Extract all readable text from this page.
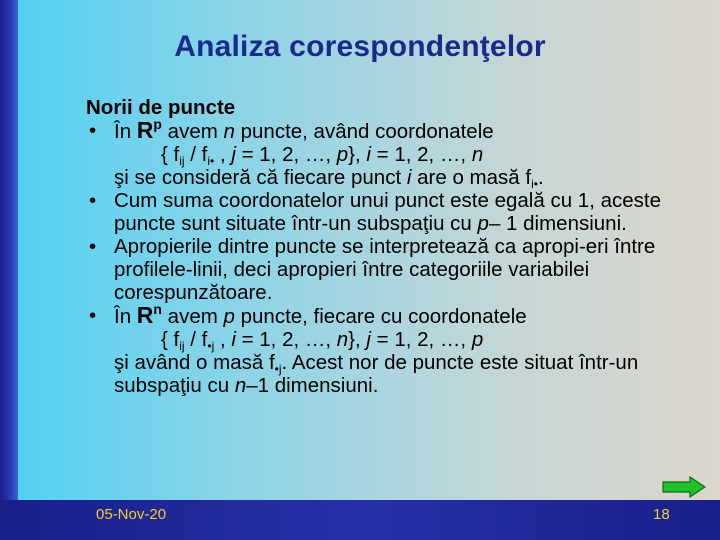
Analiza corespondenţelor
Norii de puncte
• În $R^p$ avem n puncte, având coordonatele
{ $f_{ij} / f_{i•}$ , j = 1, 2, …, p}, i = 1, 2, …, n
şi se consideră că fiecare punct i are o masă $f_{i•}$.
• Cum suma coordonatelor unui punct este egală cu 1, aceste puncte sunt situate într-un subspaţiu cu p– 1 dimensiuni.
• Apropierile dintre puncte se interpretează ca apropi-eri între profilele-linii, deci apropieri între categoriile variabilei corespunzătoare.
• În $R^n$ avem p puncte, fiecare cu coordonatele
{ $f_{ij} / f_{•j}$ , i = 1, 2, …, n}, j = 1, 2, …, p
şi având o masă $f_{•j}$. Acest nor de puncte este situat într-un subspaţiu cu n–1 dimensiuni.
05-Nov-20	18
